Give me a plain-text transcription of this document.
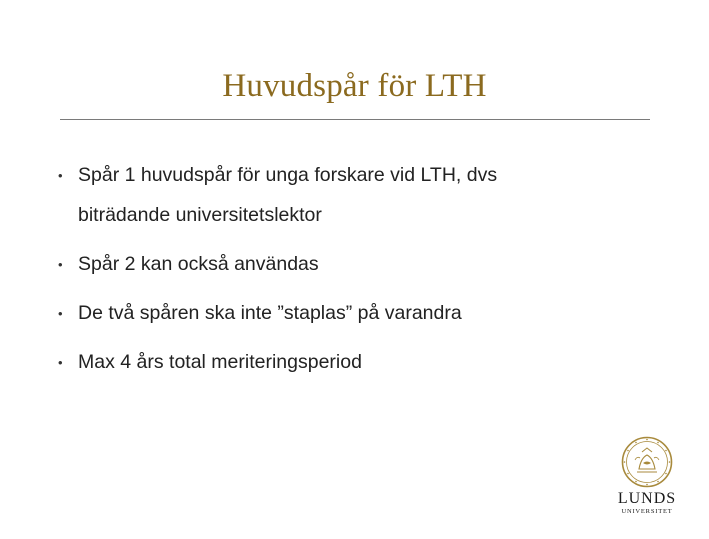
Huvudspår för LTH
• Spår 1 huvudspår för unga forskare vid LTH, dvs
biträdande universitetslektor
• Spår 2 kan också användas
• De två spåren ska inte ”staplas” på varandra
• Max 4 års total meriteringsperiod
LUNDS
UNIVERSITET
